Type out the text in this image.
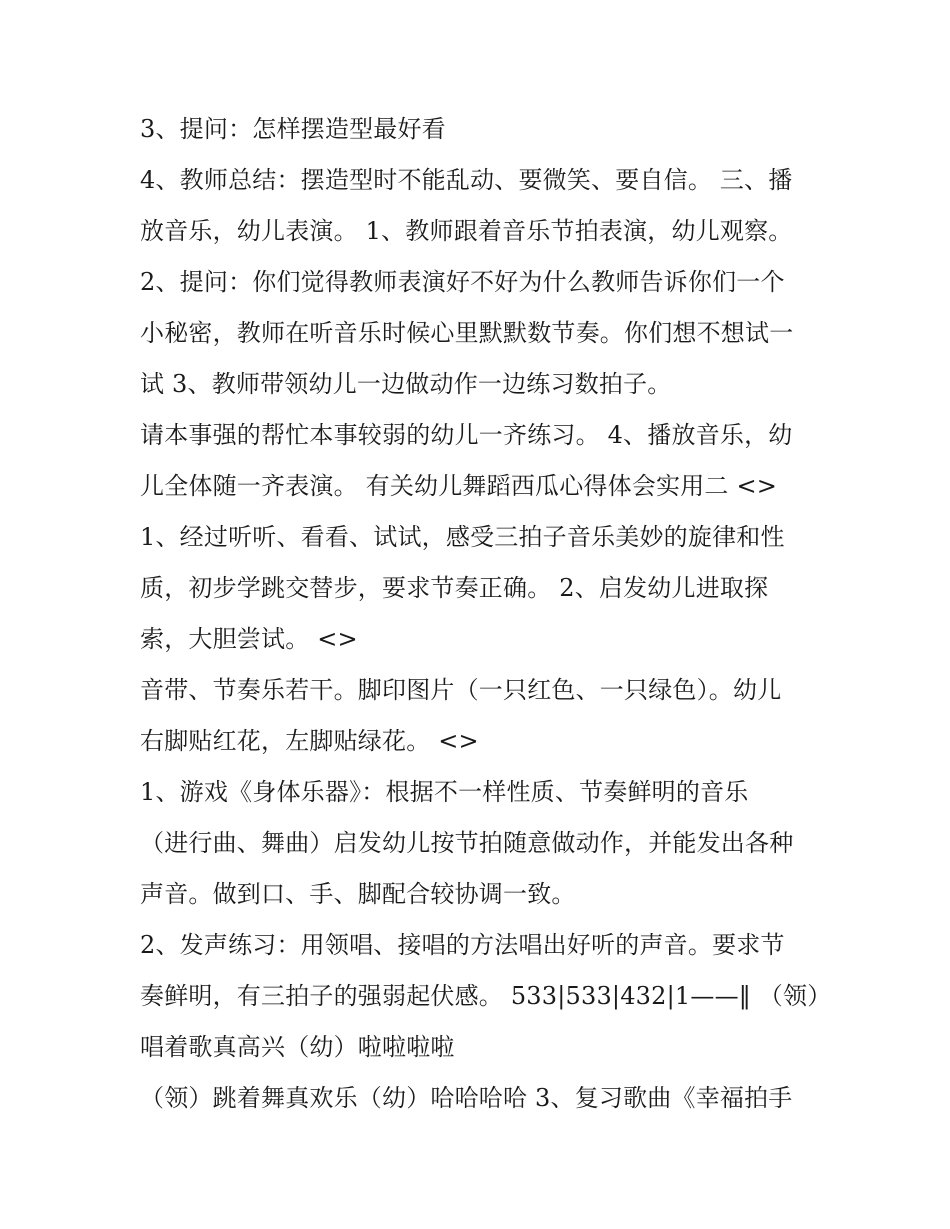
3、提问：怎样摆造型最好看
4、教师总结：摆造型时不能乱动、要微笑、要自信。 三、播
放音乐，幼儿表演。 1、教师跟着音乐节拍表演，幼儿观察。
2、提问：你们觉得教师表演好不好为什么教师告诉你们一个
小秘密，教师在听音乐时候心里默默数节奏。你们想不想试一
试 3、教师带领幼儿一边做动作一边练习数拍子。
请本事强的帮忙本事较弱的幼儿一齐练习。 4、播放音乐，幼
儿全体随一齐表演。 有关幼儿舞蹈西瓜心得体会实用二 <>
1、经过听听、看看、试试，感受三拍子音乐美妙的旋律和性
质，初步学跳交替步，要求节奏正确。 2、启发幼儿进取探
索，大胆尝试。 <>
音带、节奏乐若干。脚印图片（一只红色、一只绿色）。幼儿
右脚贴红花，左脚贴绿花。 <>
1、游戏《身体乐器》：根据不一样性质、节奏鲜明的音乐
（进行曲、舞曲）启发幼儿按节拍随意做动作，并能发出各种
声音。做到口、手、脚配合较协调一致。
2、发声练习：用领唱、接唱的方法唱出好听的声音。要求节
奏鲜明，有三拍子的强弱起伏感。 533|533|432|1——‖ （领）
唱着歌真高兴（幼）啦啦啦啦
（领）跳着舞真欢乐（幼）哈哈哈哈 3、复习歌曲《幸福拍手
